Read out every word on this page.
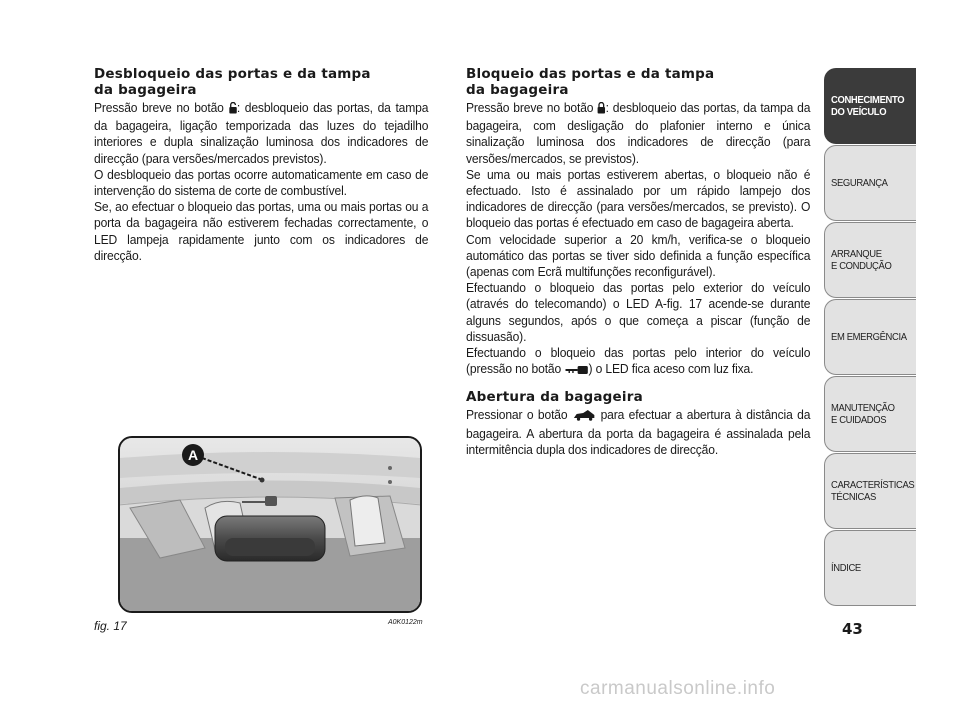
Desbloqueio das portas e da tampa
da bagageira

Pressão breve no botão : desbloqueio das portas, da tampa da bagageira, ligação temporizada das luzes do tejadilho interiores e dupla sinalização luminosa dos indicadores de direcção (para versões/mercados previstos).

O desbloqueio das portas ocorre automaticamente em caso de intervenção do sistema de corte de combustível.

Se, ao efectuar o bloqueio das portas, uma ou mais portas ou a porta da bagageira não estiverem fechadas correctamente, o LED lampeja rapidamente junto com os indicadores de direcção.

Bloqueio das portas e da tampa
da bagageira

Pressão breve no botão : desbloqueio das portas, da tampa da bagageira, com desligação do plafonier interno e única sinalização luminosa dos indicadores de direcção (para versões/mercados, se previstos).

Se uma ou mais portas estiverem abertas, o bloqueio não é efectuado. Isto é assinalado por um rápido lampejo dos indicadores de direcção (para versões/mercados, se previsto). O bloqueio das portas é efectuado em caso de bagageira aberta.

Com velocidade superior a 20 km/h, verifica-se o bloqueio automático das portas se tiver sido definida a função específica (apenas com Ecrã multifunções reconfigurável).

Efectuando o bloqueio das portas pelo exterior do veículo (através do telecomando) o LED A-fig. 17 acende-se durante alguns segundos, após o que começa a piscar (função de dissuasão).

Efectuando o bloqueio das portas pelo interior do veículo (pressão no botão ) o LED fica aceso com luz fixa.

Abertura da bagageira

Pressionar o botão  para efectuar a abertura à distância da bagageira. A abertura da porta da bagageira é assinalada pela intermitência dupla dos indicadores de direcção.

A
fig. 17	A0K0122m
CONHECIMENTO
DO VEÍCULO
SEGURANÇA
ARRANQUE
E CONDUÇÃO
EM EMERGÊNCIA
MANUTENÇÃO
E CUIDADOS
CARACTERÍSTICAS
TÉCNICAS
ÍNDICE
43
carmanualsonline.info
